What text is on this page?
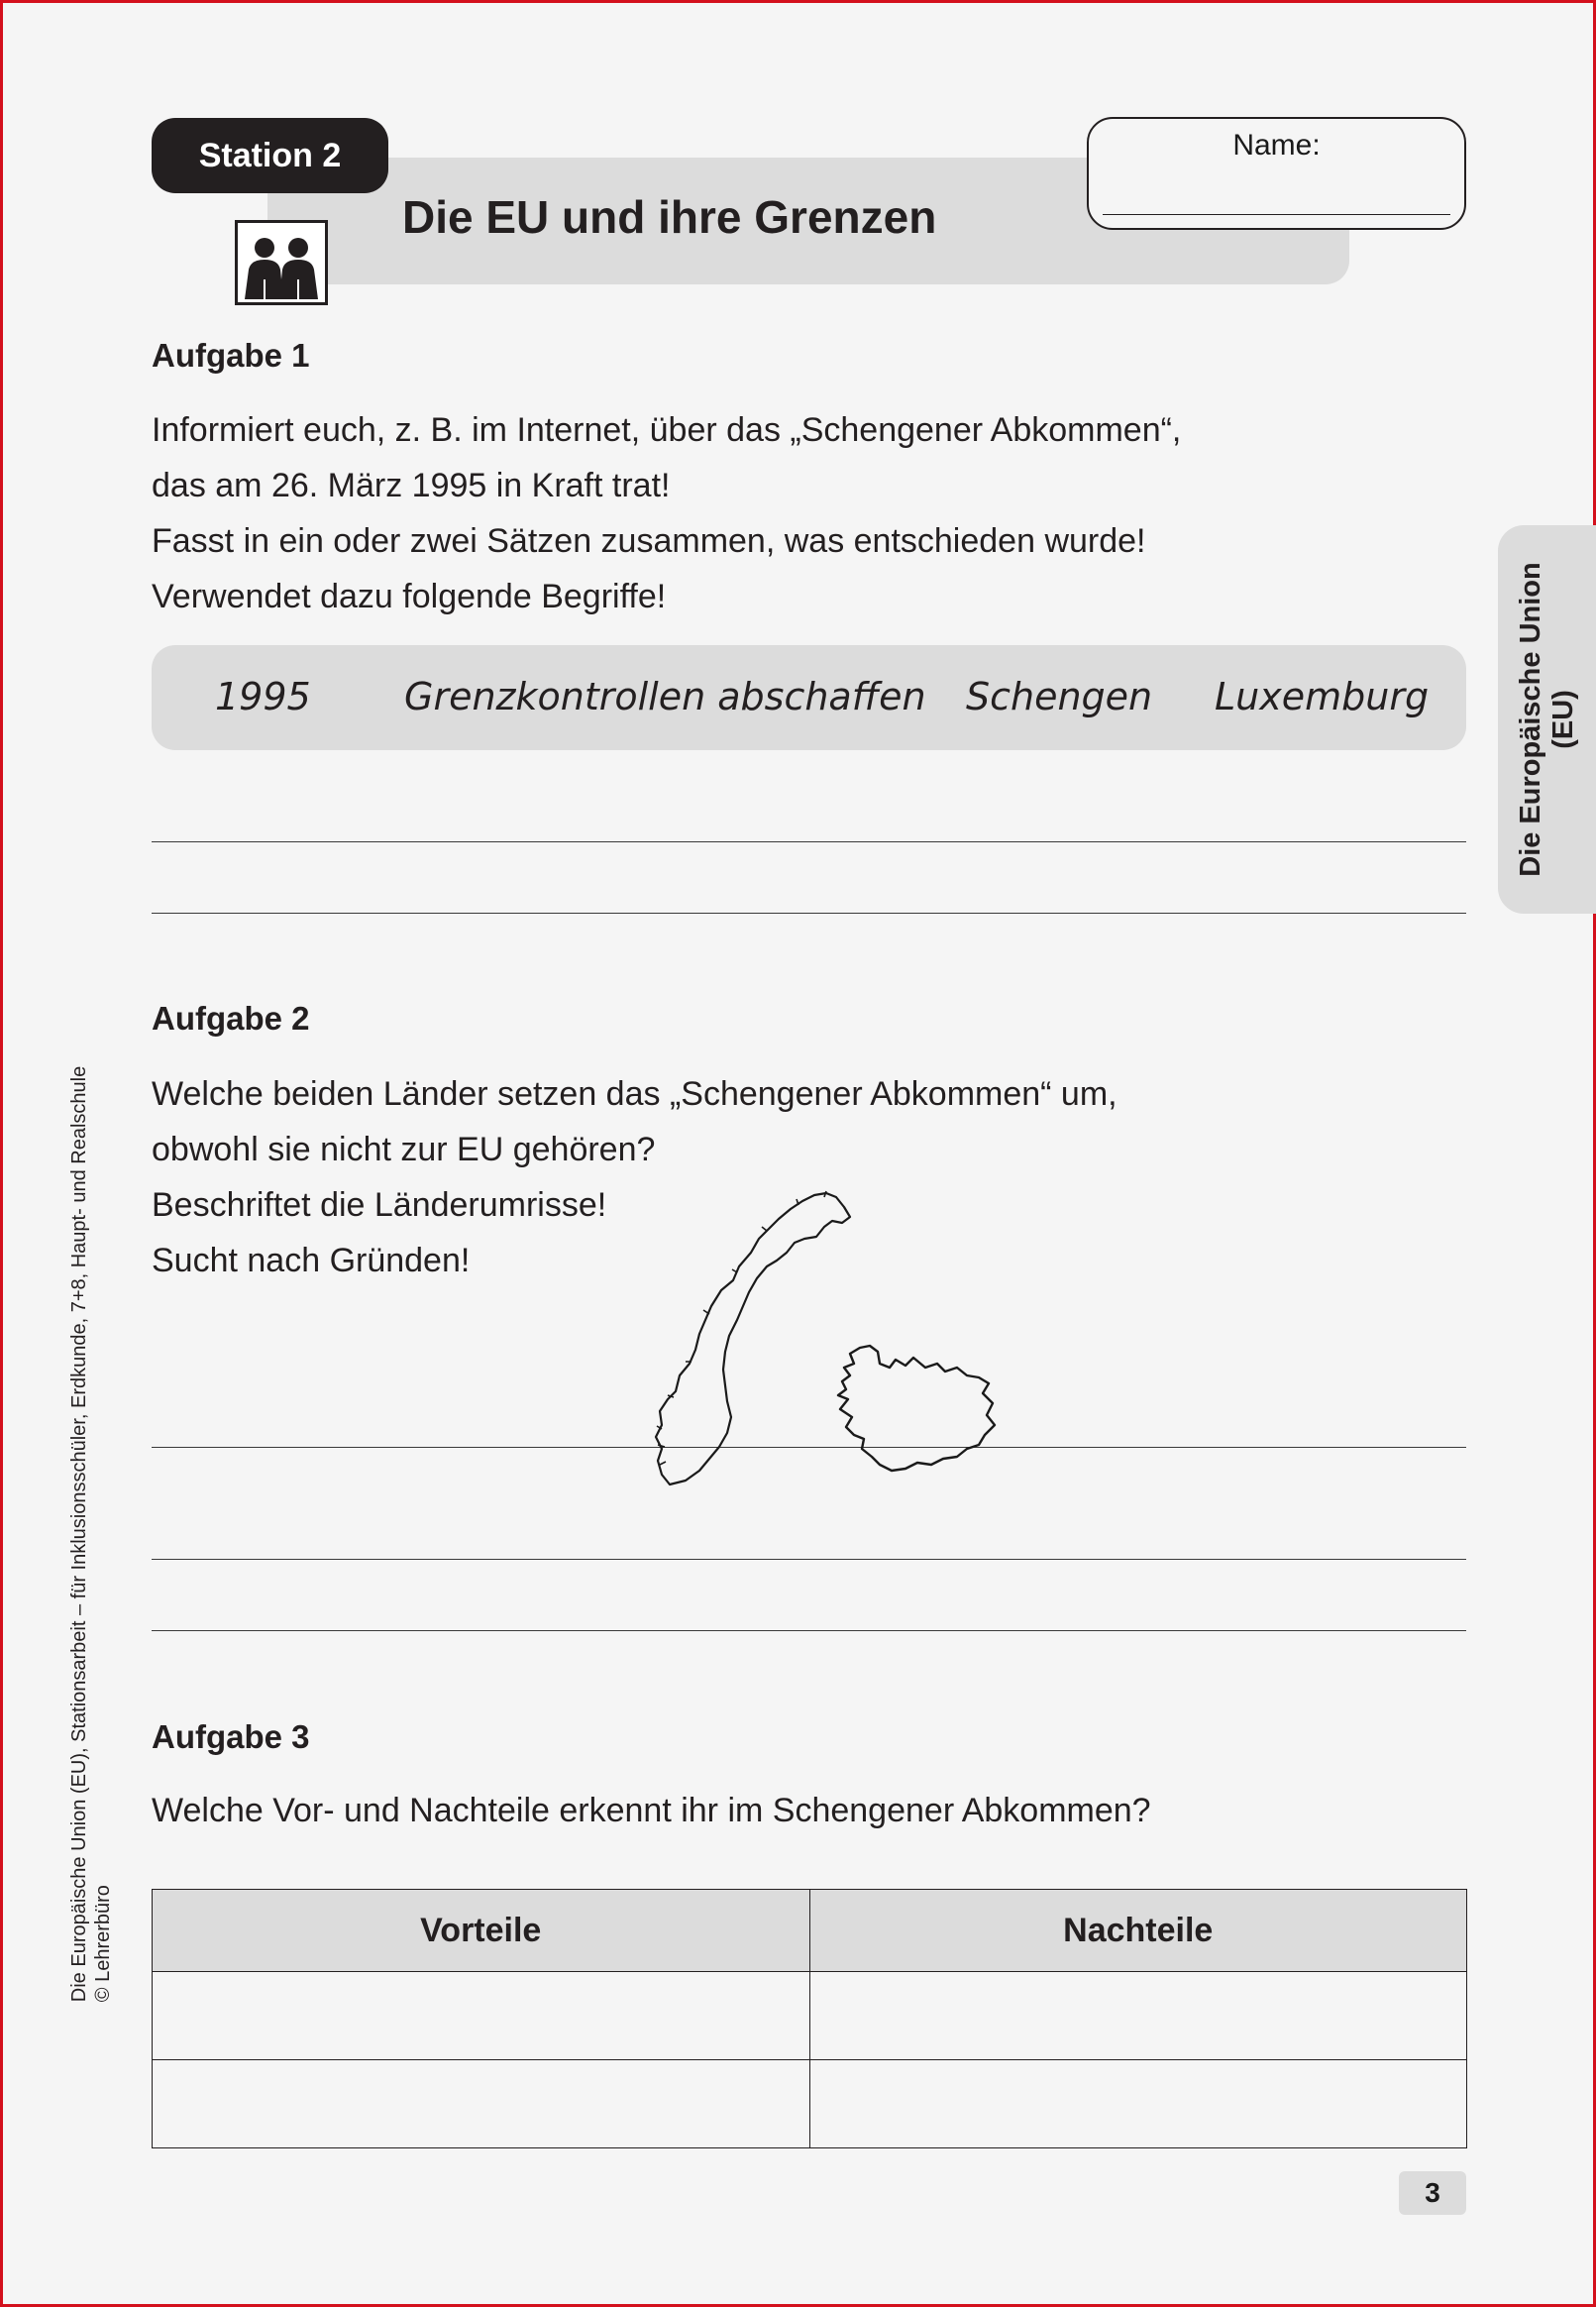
Station 2
Die EU und ihre Grenzen
Name:
Die Europäische Union (EU)
Die Europäische Union (EU), Stationsarbeit – für Inklusionsschüler, Erdkunde, 7+8, Haupt- und Realschule © Lehrerbüro
Aufgabe 1
Informiert euch, z. B. im Internet, über das „Schengener Abkommen“,
das am 26. März 1995 in Kraft trat!
Fasst in ein oder zwei Sätzen zusammen, was entschieden wurde!
Verwendet dazu folgende Begriffe!
1995 Grenzkontrollen abschaffen Schengen Luxemburg
Aufgabe 2
Welche beiden Länder setzen das „Schengener Abkommen“ um,
obwohl sie nicht zur EU gehören?
Beschriftet die Länderumrisse!
Sucht nach Gründen!
Aufgabe 3
Welche Vor- und Nachteile erkennt ihr im Schengener Abkommen?
Vorteile	Nachteile

3
